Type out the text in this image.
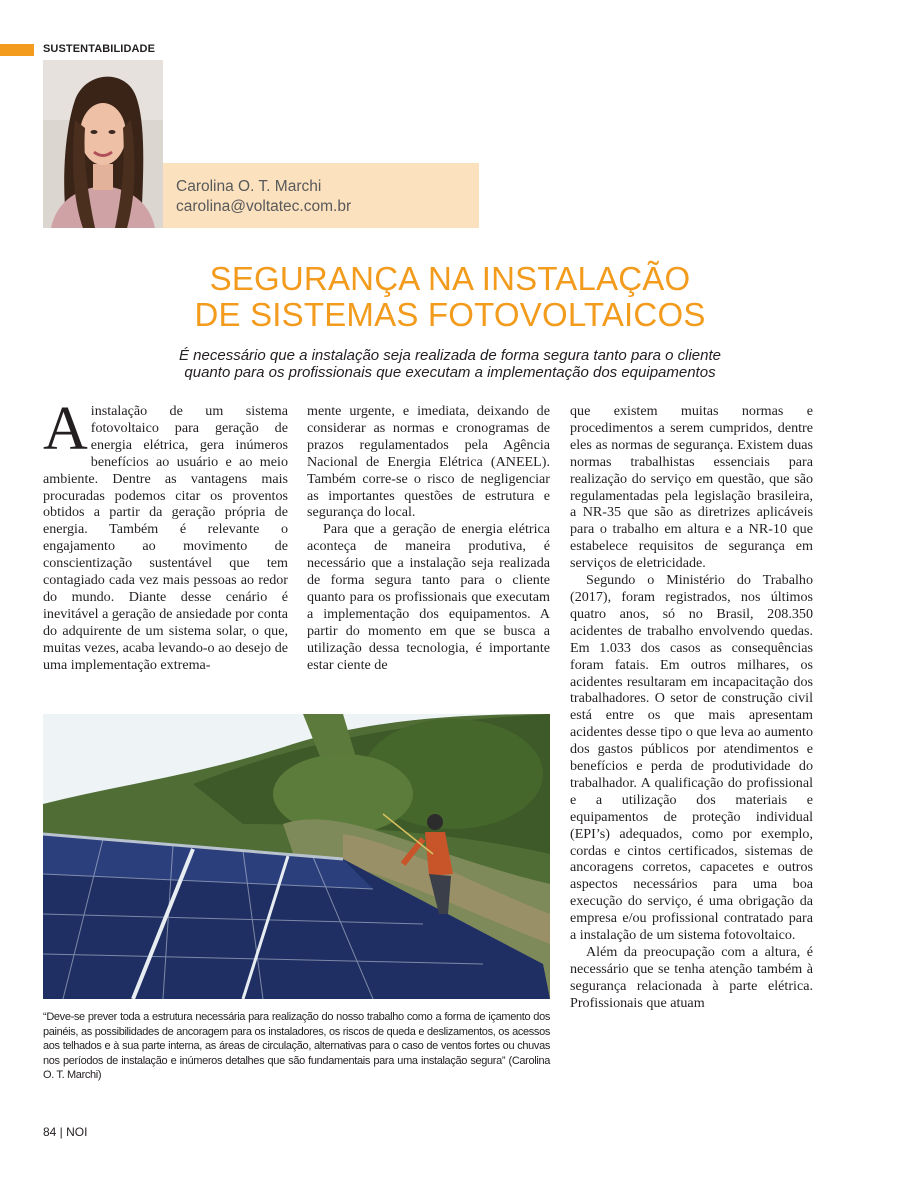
SUSTENTABILIDADE
Carolina O. T. Marchi
carolina@voltatec.com.br
SEGURANÇA NA INSTALAÇÃO
DE SISTEMAS FOTOVOLTAICOS
É necessário que a instalação seja realizada de forma segura tanto para o cliente
quanto para os profissionais que executam a implementação dos equipamentos
A instalação de um sistema fotovoltaico para geração de energia elétrica, gera inúmeros benefícios ao usuário e ao meio ambiente. Dentre as vantagens mais procuradas podemos citar os proventos obtidos a partir da geração própria de energia. Também é relevante o engajamento ao movimento de conscientização sustentável que tem contagiado cada vez mais pessoas ao redor do mundo. Diante desse cenário é inevitável a geração de ansiedade por conta do adquirente de um sistema solar, o que, muitas vezes, acaba levando-o ao desejo de uma implementação extrema-

mente urgente, e imediata, deixando de considerar as normas e cronogramas de prazos regulamentados pela Agência Nacional de Energia Elétrica (ANEEL). Também corre-se o risco de negligenciar as importantes questões de estrutura e segurança do local.

Para que a geração de energia elétrica aconteça de maneira produtiva, é necessário que a instalação seja realizada de forma segura tanto para o cliente quanto para os profissionais que executam a implementação dos equipamentos. A partir do momento em que se busca a utilização dessa tecnologia, é importante estar ciente de

que existem muitas normas e procedimentos a serem cumpridos, dentre eles as normas de segurança. Existem duas normas trabalhistas essenciais para realização do serviço em questão, que são regulamentadas pela legislação brasileira, a NR-35 que são as diretrizes aplicáveis para o trabalho em altura e a NR-10 que estabelece requisitos de segurança em serviços de eletricidade.

Segundo o Ministério do Trabalho (2017), foram registrados, nos últimos quatro anos, só no Brasil, 208.350 acidentes de trabalho envolvendo quedas. Em 1.033 dos casos as consequências foram fatais. Em outros milhares, os acidentes resultaram em incapacitação dos trabalhadores. O setor de construção civil está entre os que mais apresentam acidentes desse tipo o que leva ao aumento dos gastos públicos por atendimentos e benefícios e perda de produtividade do trabalhador. A qualificação do profissional e a utilização dos materiais e equipamentos de proteção individual (EPI’s) adequados, como por exemplo, cordas e cintos certificados, sistemas de ancoragens corretos, capacetes e outros aspectos necessários para uma boa execução do serviço, é uma obrigação da empresa e/ou profissional contratado para a instalação de um sistema fotovoltaico.

Além da preocupação com a altura, é necessário que se tenha atenção também à segurança relacionada à parte elétrica. Profissionais que atuam

“Deve-se prever toda a estrutura necessária para realização do nosso trabalho como a forma de içamento dos painéis, as possibilidades de ancoragem para os instaladores, os riscos de queda e deslizamentos, os acessos aos telhados e à sua parte interna, as áreas de circulação, alternativas para o caso de ventos fortes ou chuvas nos períodos de instalação e inúmeros detalhes que são fundamentais para uma instalação segura” (Carolina O. T. Marchi)

84 | NOI
